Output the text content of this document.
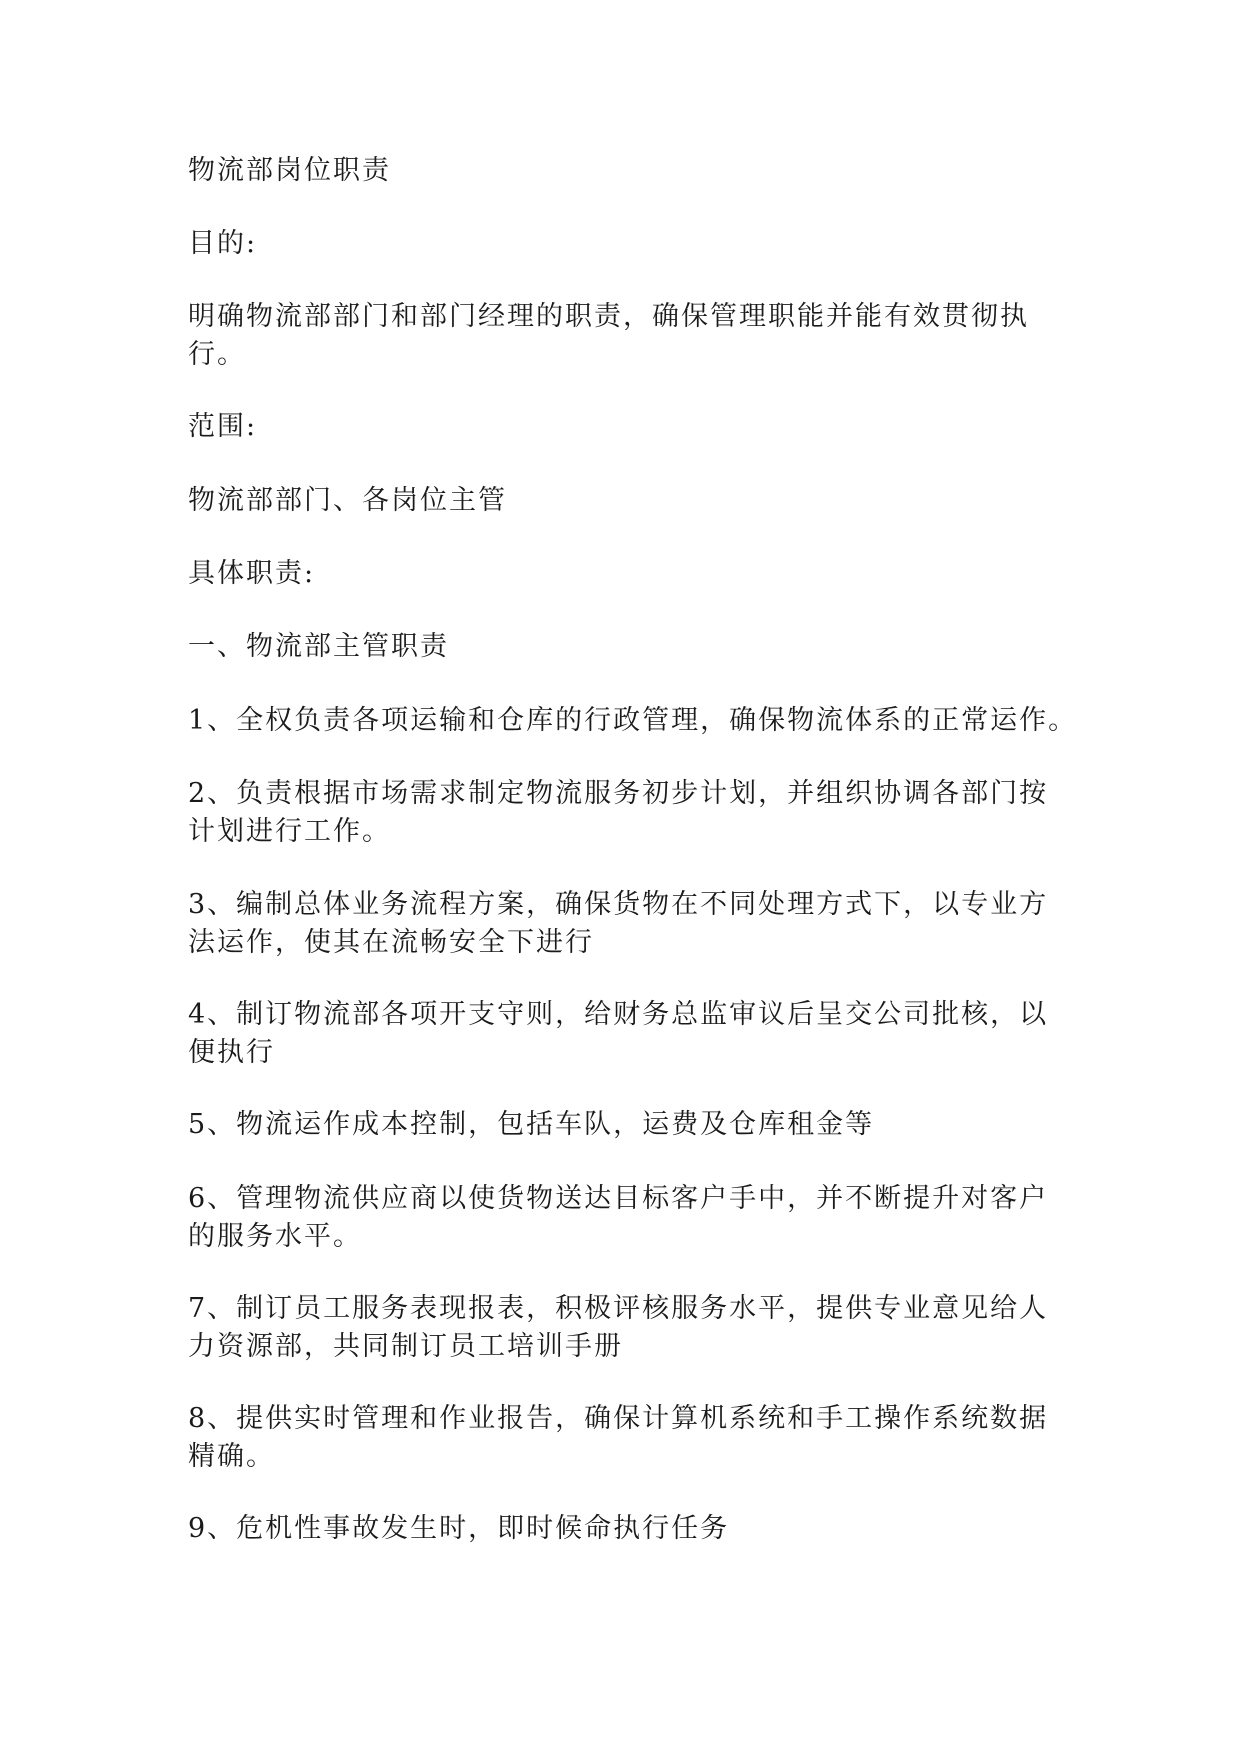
物流部岗位职责
目的:
明确物流部部门和部门经理的职责，确保管理职能并能有效贯彻执行。
范围:
物流部部门、各岗位主管
具体职责:
一、物流部主管职责
1、全权负责各项运输和仓库的行政管理，确保物流体系的正常运作。
2、负责根据市场需求制定物流服务初步计划，并组织协调各部门按计划进行工作。
3、编制总体业务流程方案，确保货物在不同处理方式下，以专业方法运作，使其在流畅安全下进行
4、制订物流部各项开支守则，给财务总监审议后呈交公司批核，以便执行
5、物流运作成本控制，包括车队，运费及仓库租金等
6、管理物流供应商以使货物送达目标客户手中，并不断提升对客户的服务水平。
7、制订员工服务表现报表，积极评核服务水平，提供专业意见给人力资源部，共同制订员工培训手册
8、提供实时管理和作业报告，确保计算机系统和手工操作系统数据精确。
9、危机性事故发生时，即时候命执行任务
